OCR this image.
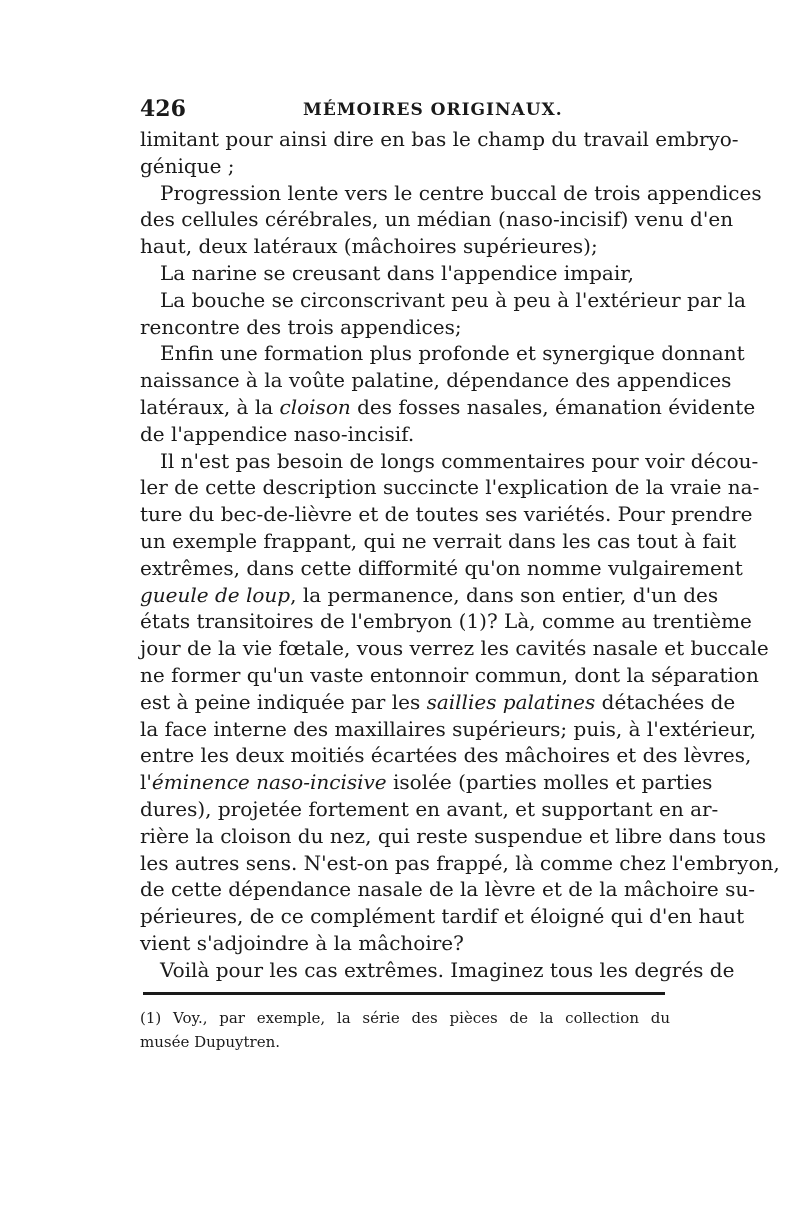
426	MÉMOIRES ORIGINAUX.
limitant pour ainsi dire en bas le champ du travail embryo-
génique ;
Progression lente vers le centre buccal de trois appendices
des cellules cérébrales, un médian (naso-incisif) venu d'en
haut, deux latéraux (mâchoires supérieures);
La narine se creusant dans l'appendice impair,
La bouche se circonscrivant peu à peu à l'extérieur par la
rencontre des trois appendices;
Enfin une formation plus profonde et synergique donnant
naissance à la voûte palatine, dépendance des appendices
latéraux, à la cloison des fosses nasales, émanation évidente
de l'appendice naso-incisif.
Il n'est pas besoin de longs commentaires pour voir décou-
ler de cette description succincte l'explication de la vraie na-
ture du bec-de-lièvre et de toutes ses variétés. Pour prendre
un exemple frappant, qui ne verrait dans les cas tout à fait
extrêmes, dans cette difformité qu'on nomme vulgairement
gueule de loup, la permanence, dans son entier, d'un des
états transitoires de l'embryon (1)? Là, comme au trentième
jour de la vie fœtale, vous verrez les cavités nasale et buccale
ne former qu'un vaste entonnoir commun, dont la séparation
est à peine indiquée par les saillies palatines détachées de
la face interne des maxillaires supérieurs; puis, à l'extérieur,
entre les deux moitiés écartées des mâchoires et des lèvres,
l'éminence naso-incisive isolée (parties molles et parties
dures), projetée fortement en avant, et supportant en ar-
rière la cloison du nez, qui reste suspendue et libre dans tous
les autres sens. N'est-on pas frappé, là comme chez l'embryon,
de cette dépendance nasale de la lèvre et de la mâchoire su-
périeures, de ce complément tardif et éloigné qui d'en haut
vient s'adjoindre à la mâchoire?
Voilà pour les cas extrêmes. Imaginez tous les degrés de
(1) Voy., par exemple, la série des pièces de la collection du
musée Dupuytren.
